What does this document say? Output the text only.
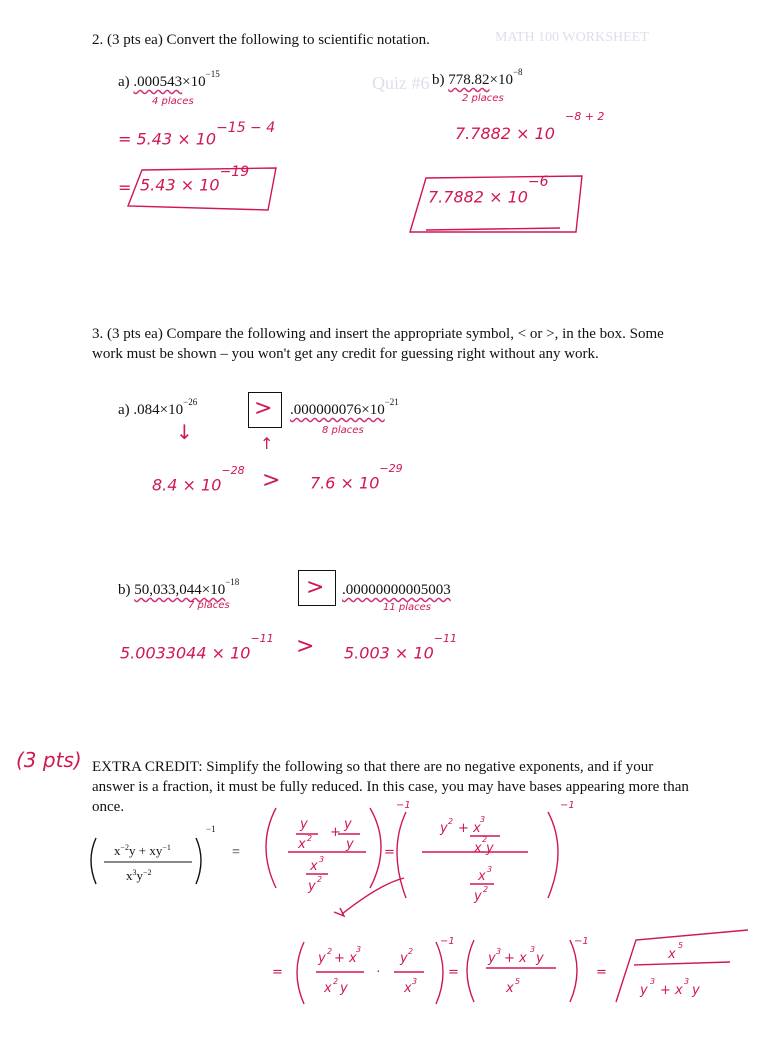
MATH 100 WORKSHEET
Quiz #6
2. (3 pts ea) Convert the following to scientific notation.
a) $.000543\times 10^{-15}$
4 places
= $5.43 \times 10^{-15 - 4}$
= $5.43 \times 10^{-19}$
b) $778.82\times 10^{-8}$
2 places
7.7882 × 10
−8 + 2
$7.7882 \times 10^{-6}$
3. (3 pts ea) Compare the following and insert the appropriate symbol, < or >, in the box. Some work must be shown – you won't get any credit for guessing right without any work.
a) $.084\times 10^{-26}$	> $.000000076\times 10^{-21}$
8 places
↓	↑
$8.4 \times 10^{-28} > 7.6 \times 10^{-29}$
b) $50,033,044\times 10^{-18}$
7 places
> .00000000005003
11 places
$5.0033044 \times 10^{-11} > 5.003 \times 10^{-11}$
(3 pts) EXTRA CREDIT: Simplify the following so that there are no negative exponents, and if your answer is a fraction, it must be fully reduced. In this case, you may have bases appearing more than once.
$x^{-2}y + xy^{-1}$
$x^3y^{-2}$
−1
=
y	y
+
x 2	y
x 3
y 2
−1
=
y 2 + x
3
x y
2
x 3
y 2
−1
=
y 2 + x
3
x 2 y
·
y 2
x 3
−1
=
y 3 + x
3
y
x 5
−1
=
x
5
y
3
+ x
3
y
